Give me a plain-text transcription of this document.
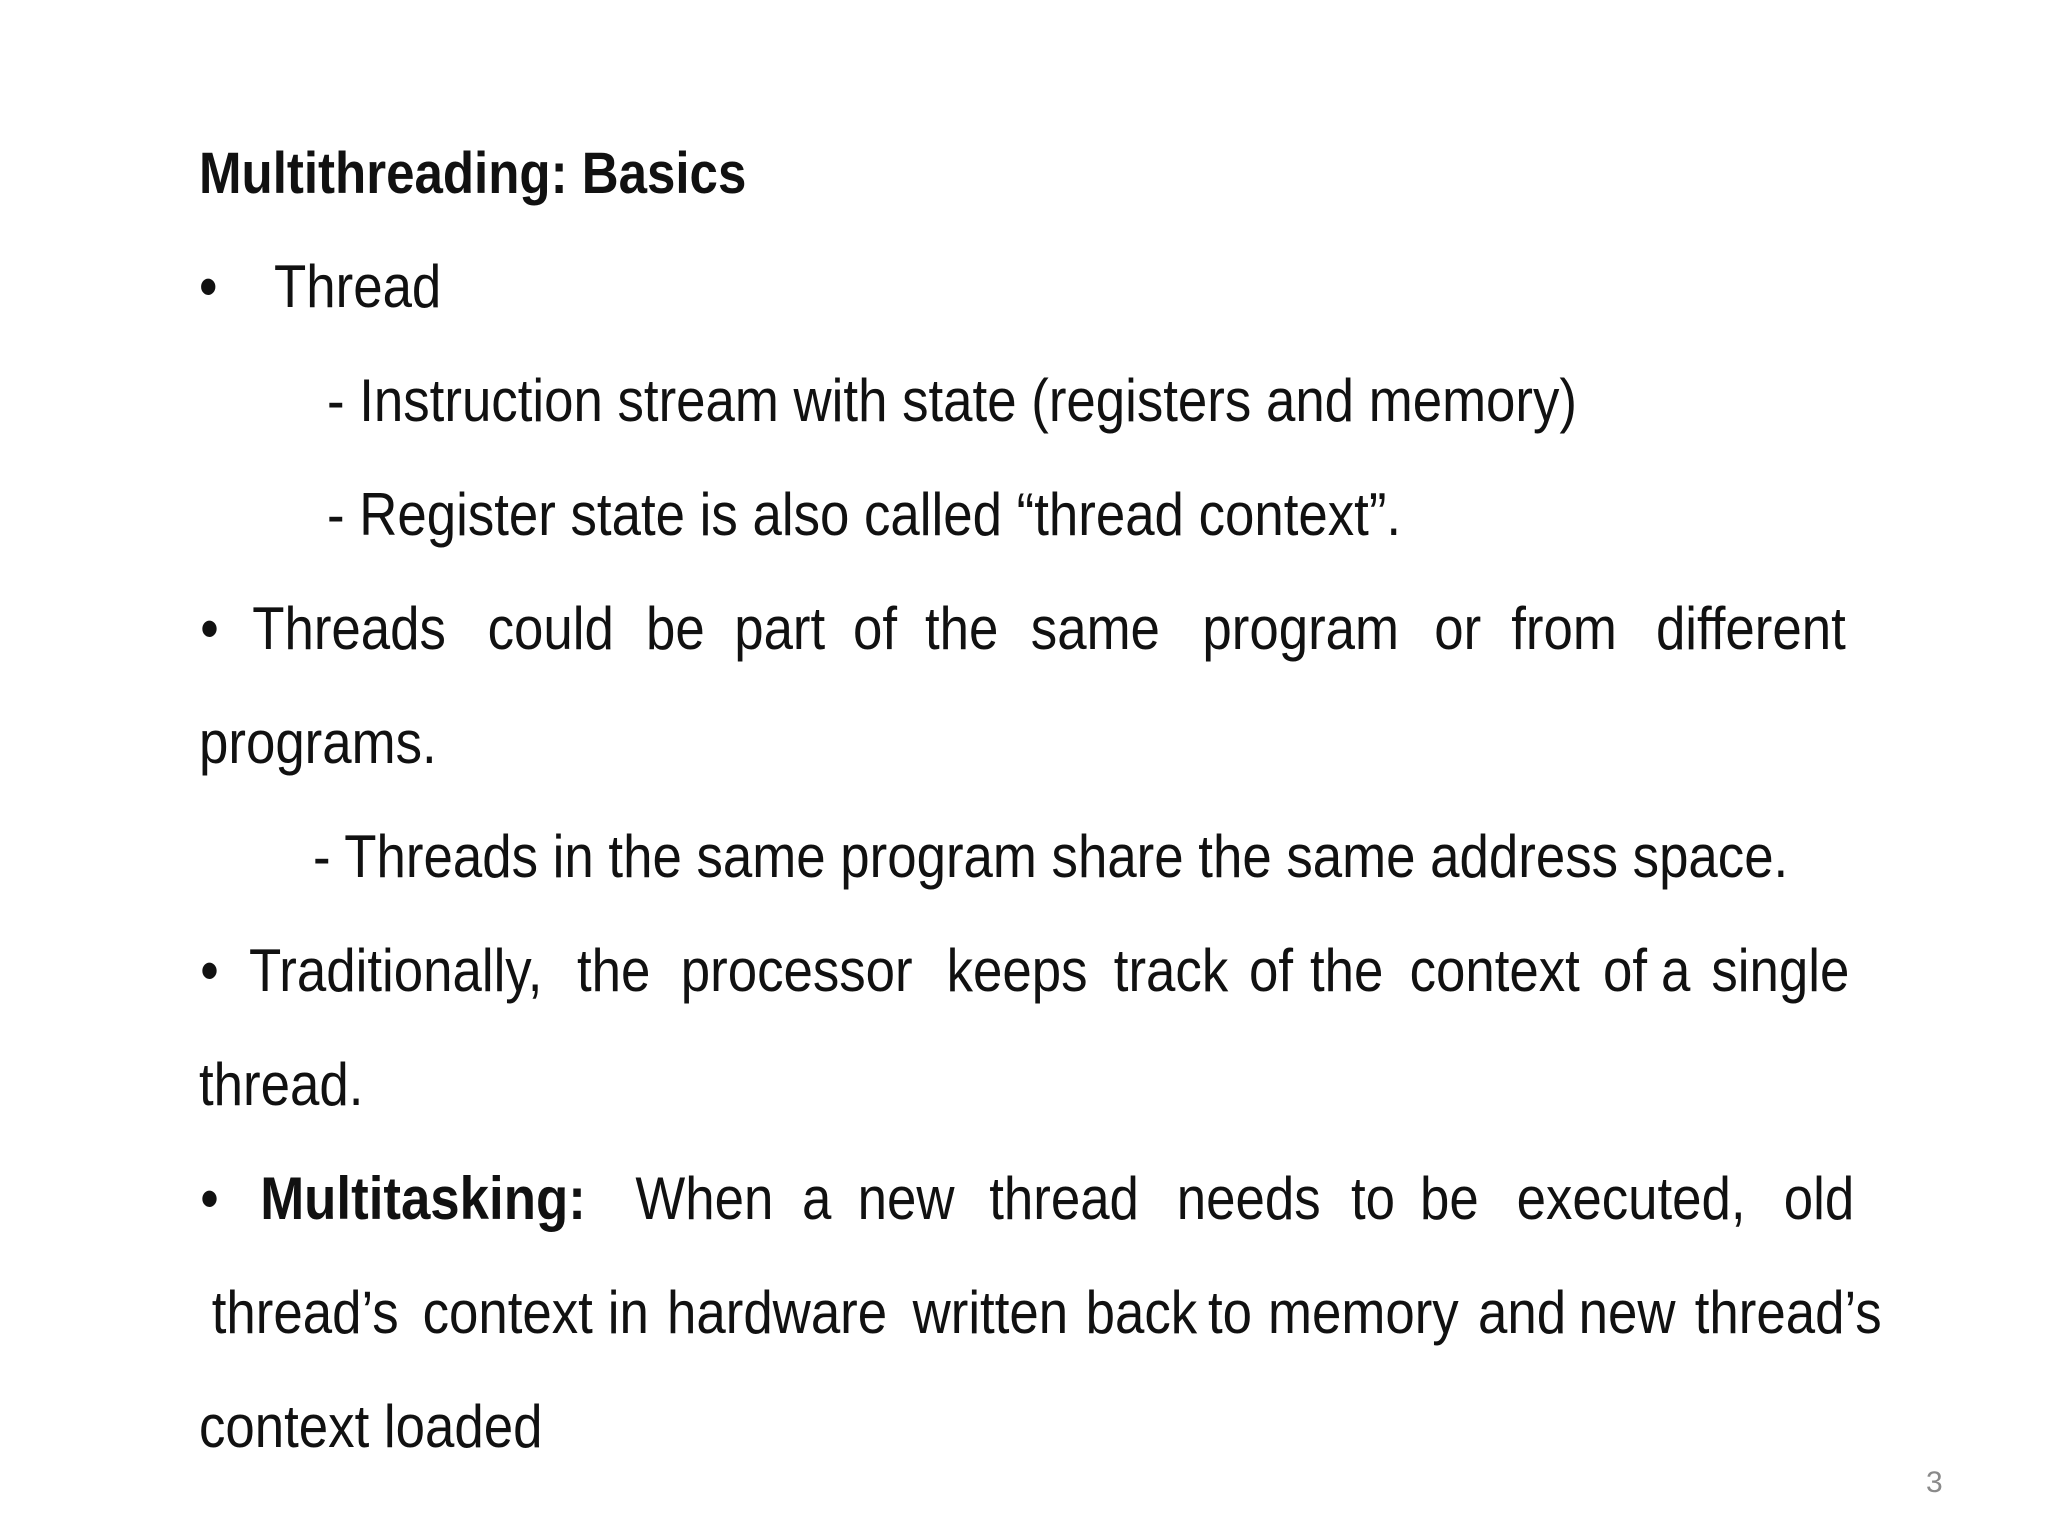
Multithreading: Basics
• Thread
- Instruction stream with state (registers and memory)
- Register state is also called “thread context”.
• Threads could be part of the same program or from different
programs.
- Threads in the same program share the same address space.
• Traditionally, the processor keeps track of the context of a single
thread.
• Multitasking: When a new thread needs to be executed, old
thread’s context in hardware written back to memory and new thread’s
context loaded
3
